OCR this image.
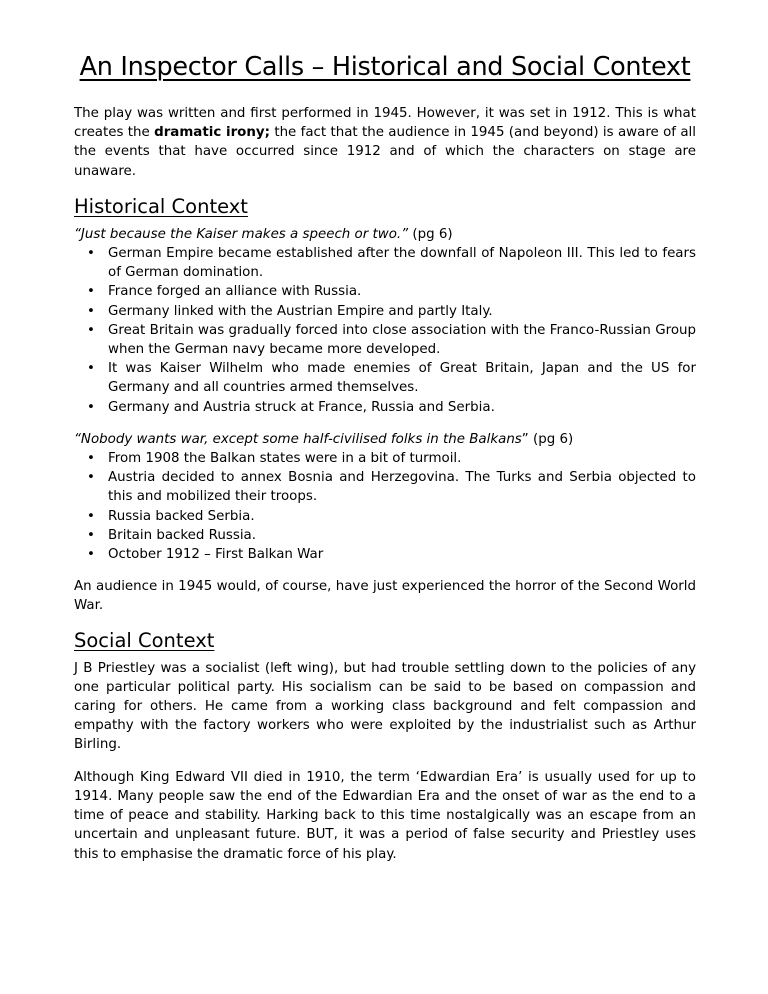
An Inspector Calls – Historical and Social Context

The play was written and first performed in 1945. However, it was set in 1912. This is what creates the dramatic irony; the fact that the audience in 1945 (and beyond) is aware of all the events that have occurred since 1912 and of which the characters on stage are unaware.

Historical Context

“Just because the Kaiser makes a speech or two.” (pg 6)

• German Empire became established after the downfall of Napoleon III. This led to fears of German domination.
• France forged an alliance with Russia.
• Germany linked with the Austrian Empire and partly Italy.
• Great Britain was gradually forced into close association with the Franco-Russian Group when the German navy became more developed.
• It was Kaiser Wilhelm who made enemies of Great Britain, Japan and the US for Germany and all countries armed themselves.
• Germany and Austria struck at France, Russia and Serbia.

“Nobody wants war, except some half-civilised folks in the Balkans” (pg 6)

• From 1908 the Balkan states were in a bit of turmoil.
• Austria decided to annex Bosnia and Herzegovina. The Turks and Serbia objected to this and mobilized their troops.
• Russia backed Serbia.
• Britain backed Russia.
• October 1912 – First Balkan War

An audience in 1945 would, of course, have just experienced the horror of the Second World War.

Social Context

J B Priestley was a socialist (left wing), but had trouble settling down to the policies of any one particular political party. His socialism can be said to be based on compassion and caring for others. He came from a working class background and felt compassion and empathy with the factory workers who were exploited by the industrialist such as Arthur Birling.

Although King Edward VII died in 1910, the term ‘Edwardian Era’ is usually used for up to 1914. Many people saw the end of the Edwardian Era and the onset of war as the end to a time of peace and stability. Harking back to this time nostalgically was an escape from an uncertain and unpleasant future. BUT, it was a period of false security and Priestley uses this to emphasise the dramatic force of his play.
